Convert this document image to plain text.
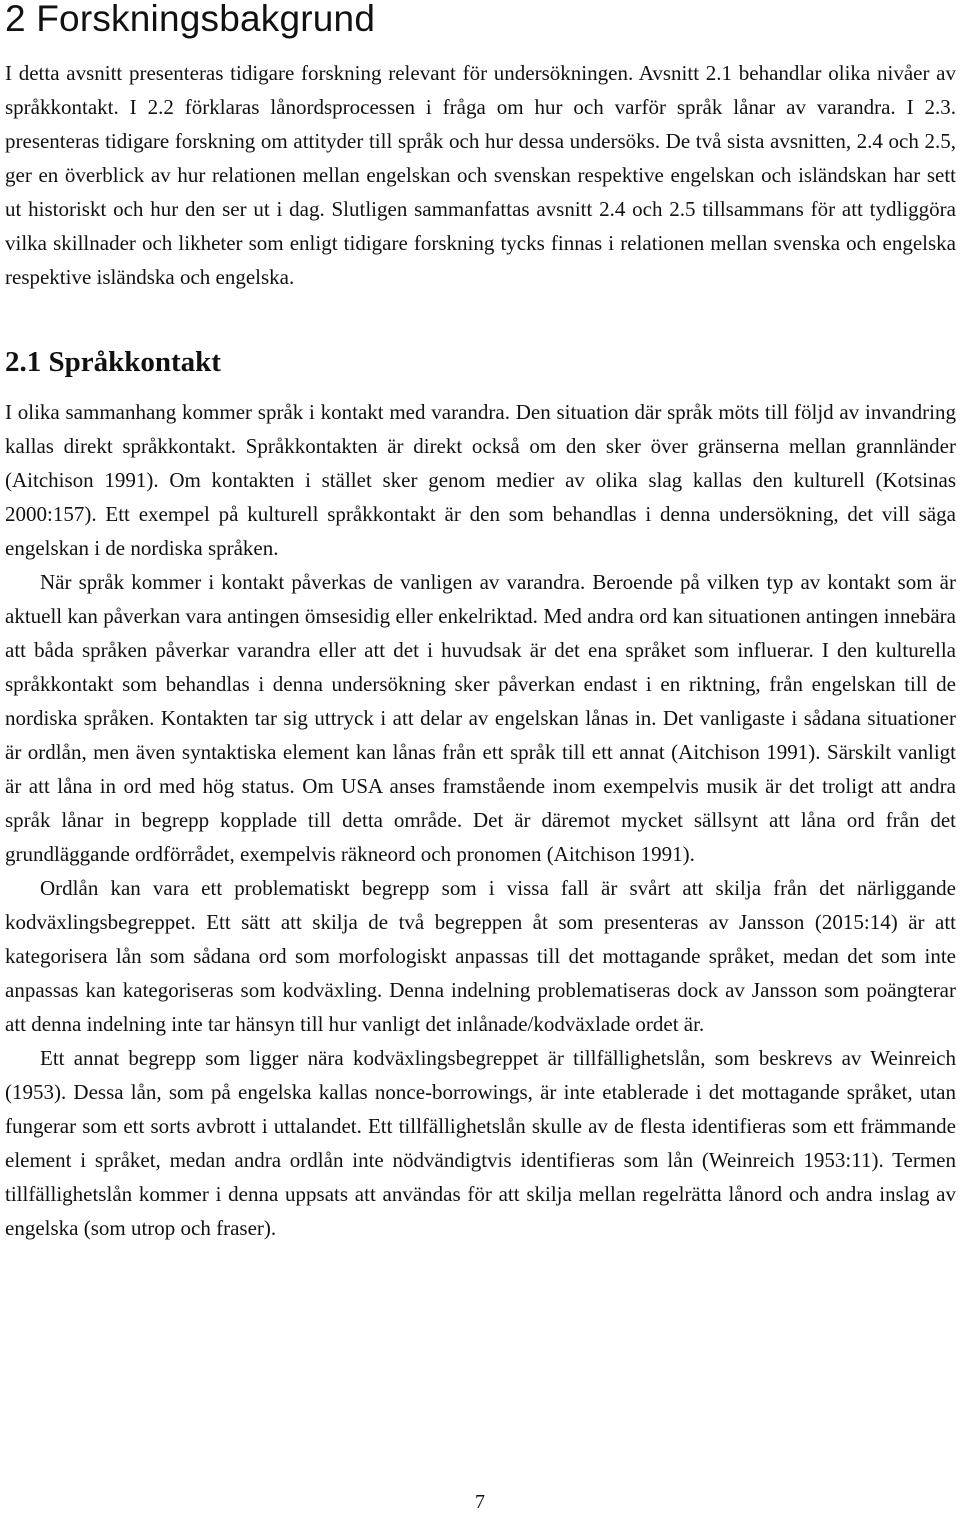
2 Forskningsbakgrund

I detta avsnitt presenteras tidigare forskning relevant för undersökningen. Avsnitt 2.1 behandlar olika nivåer av språkkontakt. I 2.2 förklaras lånordsprocessen i fråga om hur och varför språk lånar av varandra. I 2.3. presenteras tidigare forskning om attityder till språk och hur dessa undersöks. De två sista avsnitten, 2.4 och 2.5, ger en överblick av hur relationen mellan engelskan och svenskan respektive engelskan och isländskan har sett ut historiskt och hur den ser ut i dag. Slutligen sammanfattas avsnitt 2.4 och 2.5 tillsammans för att tydliggöra vilka skillnader och likheter som enligt tidigare forskning tycks finnas i relationen mellan svenska och engelska respektive isländska och engelska.

2.1 Språkkontakt

I olika sammanhang kommer språk i kontakt med varandra. Den situation där språk möts till följd av invandring kallas direkt språkkontakt. Språkkontakten är direkt också om den sker över gränserna mellan grannländer (Aitchison 1991). Om kontakten i stället sker genom medier av olika slag kallas den kulturell (Kotsinas 2000:157). Ett exempel på kulturell språkkontakt är den som behandlas i denna undersökning, det vill säga engelskan i de nordiska språken.

När språk kommer i kontakt påverkas de vanligen av varandra. Beroende på vilken typ av kontakt som är aktuell kan påverkan vara antingen ömsesidig eller enkelriktad. Med andra ord kan situationen antingen innebära att båda språken påverkar varandra eller att det i huvudsak är det ena språket som influerar. I den kulturella språkkontakt som behandlas i denna undersökning sker påverkan endast i en riktning, från engelskan till de nordiska språken. Kontakten tar sig uttryck i att delar av engelskan lånas in. Det vanligaste i sådana situationer är ordlån, men även syntaktiska element kan lånas från ett språk till ett annat (Aitchison 1991). Särskilt vanligt är att låna in ord med hög status. Om USA anses framstående inom exempelvis musik är det troligt att andra språk lånar in begrepp kopplade till detta område. Det är däremot mycket sällsynt att låna ord från det grundläggande ordförrådet, exempelvis räkneord och pronomen (Aitchison 1991).

Ordlån kan vara ett problematiskt begrepp som i vissa fall är svårt att skilja från det närliggande kodväxlingsbegreppet. Ett sätt att skilja de två begreppen åt som presenteras av Jansson (2015:14) är att kategorisera lån som sådana ord som morfologiskt anpassas till det mottagande språket, medan det som inte anpassas kan kategoriseras som kodväxling. Denna indelning problematiseras dock av Jansson som poängterar att denna indelning inte tar hänsyn till hur vanligt det inlånade/kodväxlade ordet är.

Ett annat begrepp som ligger nära kodväxlingsbegreppet är tillfällighetslån, som beskrevs av Weinreich (1953). Dessa lån, som på engelska kallas nonce-borrowings, är inte etablerade i det mottagande språket, utan fungerar som ett sorts avbrott i uttalandet. Ett tillfällighetslån skulle av de flesta identifieras som ett främmande element i språket, medan andra ordlån inte nödvändigtvis identifieras som lån (Weinreich 1953:11). Termen tillfällighetslån kommer i denna uppsats att användas för att skilja mellan regelrätta lånord och andra inslag av engelska (som utrop och fraser).

7
